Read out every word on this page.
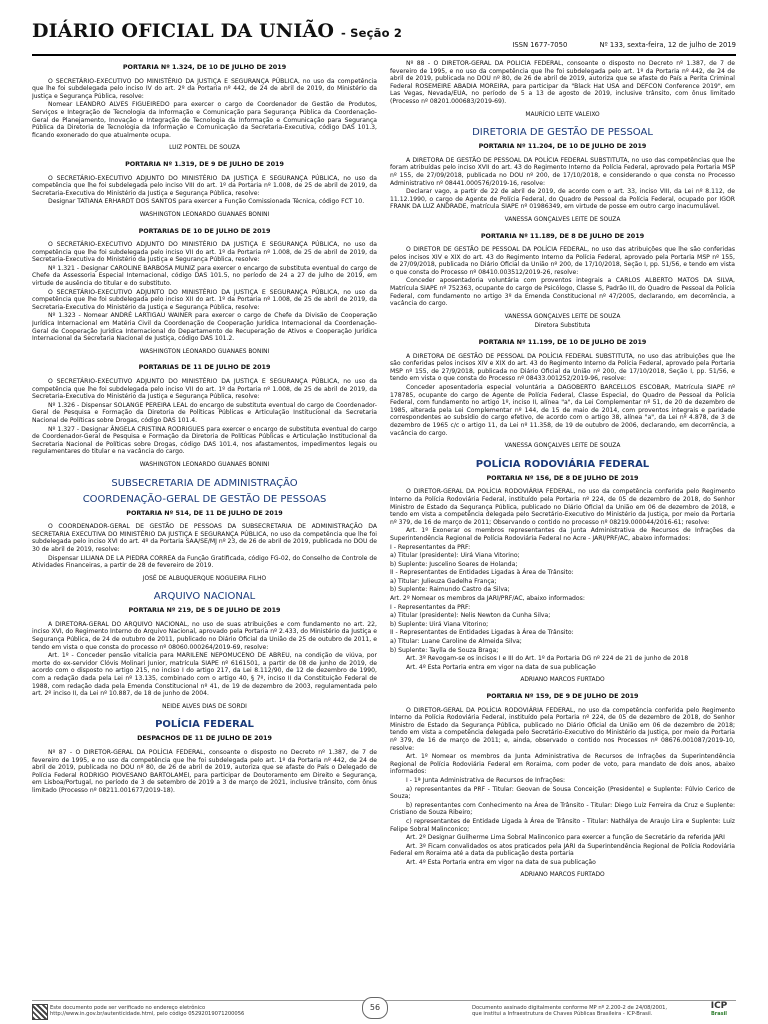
DIÁRIO OFICIAL DA UNIÃO - Seção 2
ISSN 1677-7050	Nº 133, sexta-feira, 12 de julho de 2019
PORTARIA Nº 1.324, DE 10 DE JULHO DE 2019
O SECRETÁRIO-EXECUTIVO DO MINISTÉRIO DA JUSTIÇA E SEGURANÇA PÚBLICA, no uso da competência que lhe foi subdelegada pelo inciso IV do art. 2º da Portaria nº 442, de 24 de abril de 2019, do Ministério da Justiça e Segurança Pública, resolve:
Nomear LEANDRO ALVES FIGUEIREDO para exercer o cargo de Coordenador de Gestão de Produtos, Serviços e Integração de Tecnologia da Informação e Comunicação para Segurança Pública da Coordenação-Geral de Planejamento, Inovação e Integração de Tecnologia da Informação e Comunicação para Segurança Pública da Diretoria de Tecnologia da Informação e Comunicação da Secretaria-Executiva, código DAS 101.3, ficando exonerado do que atualmente ocupa.
LUIZ PONTEL DE SOUZA
PORTARIA Nº 1.319, DE 9 DE JULHO DE 2019
O SECRETÁRIO-EXECUTIVO ADJUNTO DO MINISTÉRIO DA JUSTIÇA E SEGURANÇA PÚBLICA, no uso da competência que lhe foi subdelegada pelo inciso VIII do art. 1º da Portaria nº 1.008, de 25 de abril de 2019, da Secretaria-Executiva do Ministério da Justiça e Segurança Pública, resolve:
Designar TATIANA ERHARDT DOS SANTOS para exercer a Função Comissionada Técnica, código FCT 10.
WASHINGTON LEONARDO GUANAES BONINI
PORTARIAS DE 10 DE JULHO DE 2019
O SECRETÁRIO-EXECUTIVO ADJUNTO DO MINISTÉRIO DA JUSTIÇA E SEGURANÇA PÚBLICA, no uso da competência que lhe foi subdelegada pelo inciso VII do art. 1º da Portaria nº 1.008, de 25 de abril de 2019, da Secretaria-Executiva do Ministério da Justiça e Segurança Pública, resolve:
Nº 1.321 - Designar CAROLINE BARBOSA MUNIZ para exercer o encargo de substituta eventual do cargo de Chefe da Assessoria Especial Internacional, código DAS 101.5, no período de 24 a 27 de julho de 2019, em virtude de ausência do titular e do substituto.
O SECRETÁRIO-EXECUTIVO ADJUNTO DO MINISTÉRIO DA JUSTIÇA E SEGURANÇA PÚBLICA, no uso da competência que lhe foi subdelegada pelo inciso XII do art. 1º da Portaria nº 1.008, de 25 de abril de 2019, da Secretaria-Executiva do Ministério da Justiça e Segurança Pública, resolve:
Nº 1.323 - Nomear ANDRÉ LARTIGAU WAINER para exercer o cargo de Chefe da Divisão de Cooperação Jurídica Internacional em Matéria Civil da Coordenação de Cooperação Jurídica Internacional da Coordenação-Geral de Cooperação Jurídica Internacional do Departamento de Recuperação de Ativos e Cooperação Jurídica Internacional da Secretaria Nacional de Justiça, código DAS 101.2.
WASHINGTON LEONARDO GUANAES BONINI
PORTARIAS DE 11 DE JULHO DE 2019
O SECRETÁRIO-EXECUTIVO ADJUNTO DO MINISTÉRIO DA JUSTIÇA E SEGURANÇA PÚBLICA, no uso da competência que lhe foi subdelegada pelo inciso VII do art. 1º da Portaria nº 1.008, de 25 de abril de 2019, da Secretaria-Executiva do Ministério da Justiça e Segurança Pública, resolve:
Nº 1.326 - Dispensar SOLANGE PEREIRA LEAL do encargo de substituta eventual do cargo de Coordenador-Geral de Pesquisa e Formação da Diretoria de Políticas Públicas e Articulação Institucional da Secretaria Nacional de Políticas sobre Drogas, código DAS 101.4.
Nº 1.327 - Designar ÂNGELA CRISTINA RODRIGUES para exercer o encargo de substituta eventual do cargo de Coordenador-Geral de Pesquisa e Formação da Diretoria de Políticas Públicas e Articulação Institucional da Secretaria Nacional de Políticas sobre Drogas, código DAS 101.4, nos afastamentos, impedimentos legais ou regulamentares do titular e na vacância do cargo.
WASHINGTON LEONARDO GUANAES BONINI
SUBSECRETARIA DE ADMINISTRAÇÃO
COORDENAÇÃO-GERAL DE GESTÃO DE PESSOAS
PORTARIA Nº 514, DE 11 DE JULHO DE 2019
O COORDENADOR-GERAL DE GESTÃO DE PESSOAS DA SUBSECRETARIA DE ADMINISTRAÇÃO DA SECRETARIA EXECUTIVA DO MINISTÉRIO DA JUSTIÇA E SEGURANÇA PÚBLICA, no uso da competência que lhe foi subdelegada pelo inciso XVI do art. 4º da Portaria SAA/SE/MJ nº 23, de 26 de abril de 2019, publicada no DOU de 30 de abril de 2019, resolve:
Dispensar LILIANA DE LA PIEDRA CORREA da Função Gratificada, código FG-02, do Conselho de Controle de Atividades Financeiras, a partir de 28 de fevereiro de 2019.
JOSÉ DE ALBUQUERQUE NOGUEIRA FILHO
ARQUIVO NACIONAL
PORTARIA Nº 219, DE 5 DE JULHO DE 2019
A DIRETORA-GERAL DO ARQUIVO NACIONAL, no uso de suas atribuições e com fundamento no art. 22, inciso XVI, do Regimento Interno do Arquivo Nacional, aprovado pela Portaria nº 2.433, do Ministério da Justiça e Segurança Pública, de 24 de outubro de 2011, publicado no Diário Oficial da União de 25 de outubro de 2011, e tendo em vista o que consta do processo nº 08060.000264/2019-69, resolve:
Art. 1º - Conceder pensão vitalícia para MARILENE NEPOMUCENO DE ABREU, na condição de viúva, por morte do ex-servidor Clóvis Molinari Junior, matrícula SIAPE nº 6161501, a partir de 08 de junho de 2019, de acordo com o disposto no artigo 215, no inciso I do artigo 217, da Lei 8.112/90, de 12 de dezembro de 1990, com a redação dada pela Lei nº 13.135, combinado com o artigo 40, § 7º, inciso II da Constituição Federal de 1988, com redação dada pela Emenda Constitucional nº 41, de 19 de dezembro de 2003, regulamentada pelo art. 2º inciso II, da Lei nº 10.887, de 18 de junho de 2004.
NEIDE ALVES DIAS DE SORDI
POLÍCIA FEDERAL
DESPACHOS DE 11 DE JULHO DE 2019
Nº 87 - O DIRETOR-GERAL DA POLÍCIA FEDERAL, consoante o disposto no Decreto nº 1.387, de 7 de fevereiro de 1995, e no uso da competência que lhe foi subdelegada pelo art. 1º da Portaria nº 442, de 24 de abril de 2019, publicada no DOU nº 80, de 26 de abril de 2019, autoriza que se afaste do País o Delegado de Polícia Federal RODRIGO PIOVESANO BARTOLAMEI, para participar de Doutoramento em Direito e Segurança, em Lisboa/Portugal, no período de 3 de setembro de 2019 a 3 de março de 2021, inclusive trânsito, com ônus limitado (Processo nº 08211.001677/2019-18).
Nº 88 - O DIRETOR-GERAL DA POLÍCIA FEDERAL, consoante o disposto no Decreto nº 1.387, de 7 de fevereiro de 1995, e no uso da competência que lhe foi subdelegada pelo art. 1º da Portaria nº 442, de 24 de abril de 2019, publicada no DOU nº 80, de 26 de abril de 2019, autoriza que se afaste do País a Perita Criminal Federal ROSEMEIRE ABADIA MOREIRA, para participar da "Black Hat USA and DEFCON Conference 2019", em Las Vegas, Nevada/EUA, no período de 5 a 13 de agosto de 2019, inclusive trânsito, com ônus limitado (Processo nº 08201.000683/2019-69).
MAURÍCIO LEITE VALEIXO
DIRETORIA DE GESTÃO DE PESSOAL
PORTARIA Nº 11.204, DE 10 DE JULHO DE 2019
A DIRETORA DE GESTÃO DE PESSOAL DA POLÍCIA FEDERAL SUBSTITUTA, no uso das competências que lhe foram atribuídas pelo inciso XVII do art. 43 do Regimento Interno da Polícia Federal, aprovado pela Portaria MSP nº 155, de 27/09/2018, publicada no DOU nº 200, de 17/10/2018, e considerando o que consta no Processo Administrativo nº 08441.000576/2019-16, resolve:
Declarar vago, a partir de 22 de abril de 2019, de acordo com o art. 33, inciso VIII, da Lei nº 8.112, de 11.12.1990, o cargo de Agente de Polícia Federal, do Quadro de Pessoal da Polícia Federal, ocupado por IGOR FRANK DA LUZ ANDRADE, matrícula SIAPE nº 01986349, em virtude de posse em outro cargo inacumulável.
VANESSA GONÇALVES LEITE DE SOUZA
PORTARIA Nº 11.189, DE 8 DE JULHO DE 2019
O DIRETOR DE GESTÃO DE PESSOAL DA POLÍCIA FEDERAL, no uso das atribuições que lhe são conferidas pelos incisos XIV e XIX do art. 43 do Regimento Interno da Polícia Federal, aprovado pela Portaria MSP nº 155, de 27/09/2018, publicada no Diário Oficial da União nº 200, de 17/10/2018, Seção I, pp. 51/56, e tendo em vista o que consta do Processo nº 08410.003512/2019-26, resolve:
Conceder aposentadoria voluntária com proventos integrais a CARLOS ALBERTO MATOS DA SILVA, Matrícula SIAPE nº 752363, ocupante do cargo de Psicólogo, Classe S, Padrão III, do Quadro de Pessoal da Polícia Federal, com fundamento no artigo 3º da Emenda Constitucional nº 47/2005, declarando, em decorrência, a vacância do cargo.
VANESSA GONÇALVES LEITE DE SOUZA
Diretora Substituta
PORTARIA Nº 11.199, DE 10 DE JULHO DE 2019
A DIRETORA DE GESTÃO DE PESSOAL DA POLÍCIA FEDERAL SUBSTITUTA, no uso das atribuições que lhe são conferidas pelos incisos XIV e XIX do art. 43 do Regimento Interno da Polícia Federal, aprovado pela Portaria MSP nº 155, de 27/9/2018, publicada no Diário Oficial da União nº 200, de 17/10/2018, Seção I, pp. 51/56, e tendo em vista o que consta do Processo nº 08433.001252/2019-96, resolve:
Conceder aposentadoria especial voluntária a DAGOBERTO BARCELLOS ESCOBAR, Matrícula SIAPE nº 178785, ocupante do cargo de Agente de Polícia Federal, Classe Especial, do Quadro de Pessoal da Polícia Federal, com fundamento no artigo 1º, inciso II, alínea "a", da Lei Complementar nº 51, de 20 de dezembro de 1985, alterada pela Lei Complementar nº 144, de 15 de maio de 2014, com proventos integrais e paridade correspondentes ao subsídio do cargo efetivo, de acordo com o artigo 38, alínea "a", da Lei nº 4.878, de 3 de dezembro de 1965 c/c o artigo 11, da Lei nº 11.358, de 19 de outubro de 2006, declarando, em decorrência, a vacância do cargo.
VANESSA GONÇALVES LEITE DE SOUZA
POLÍCIA RODOVIÁRIA FEDERAL
PORTARIA Nº 156, DE 8 DE JULHO DE 2019
O DIRETOR-GERAL DA POLÍCIA RODOVIÁRIA FEDERAL, no uso da competência conferida pelo Regimento Interno da Polícia Rodoviária Federal, instituído pela Portaria nº 224, de 05 de dezembro de 2018, do Senhor Ministro de Estado da Segurança Pública, publicado no Diário Oficial da União em 06 de dezembro de 2018, e tendo em vista a competência delegada pelo Secretário-Executivo do Ministério da Justiça, por meio da Portaria nº 379, de 16 de março de 2011; Observando o contido no processo nº 08219.000044/2016-61; resolve:
Art. 1º Exonerar os membros representantes da Junta Administrativa de Recursos de Infrações da Superintendência Regional de Polícia Rodoviária Federal no Acre - JARI/PRF/AC, abaixo informados:
I - Representantes da PRF:
a) Titular (presidente): Uirá Viana Vitorino;
b) Suplente: Juscelino Soares de Holanda;
II - Representantes de Entidades Ligadas à Área de Trânsito:
a) Titular: Julieuza Gadelha França;
b) Suplente: Raimundo Castro da Silva;
Art. 2º Nomear os membros da JARI/PRF/AC, abaixo informados:
I - Representantes da PRF:
a) Titular (presidente): Nelis Newton da Cunha Silva;
b) Suplente: Uirá Viana Vitorino;
II - Representantes de Entidades Ligadas à Área de Trânsito:
a) Titular: Luane Caroline de Almeida Silva;
b) Suplente: Taylla de Souza Braga;
Art. 3º Revogam-se os incisos I e III do Art. 1º da Portaria DG nº 224 de 21 de junho de 2018
Art. 4º Esta Portaria entra em vigor na data de sua publicação
ADRIANO MARCOS FURTADO
PORTARIA Nº 159, DE 9 DE JULHO DE 2019
O DIRETOR-GERAL DA POLÍCIA RODOVIÁRIA FEDERAL, no uso da competência conferida pelo Regimento Interno da Polícia Rodoviária Federal, instituído pela Portaria nº 224, de 05 de dezembro de 2018, do Senhor Ministro de Estado da Segurança Pública, publicado no Diário Oficial da União em 06 de dezembro de 2018; tendo em vista a competência delegada pelo Secretário-Executivo do Ministério da Justiça, por meio da Portaria nº 379, de 16 de março de 2011; e, ainda, observado o contido nos Processos nº 08676.001087/2019-10, resolve:
Art. 1º Nomear os membros da Junta Administrativa de Recursos de Infrações da Superintendência Regional de Polícia Rodoviária Federal em Roraima, com poder de voto, para mandato de dois anos, abaixo informados:
I - 1ª Junta Administrativa de Recursos de Infrações:
a) representantes da PRF - Titular: Geovan de Sousa Conceição (Presidente) e Suplente: Fúlvio Cerico de Souza;
b) representantes com Conhecimento na Área de Trânsito - Titular: Diego Luiz Ferreira da Cruz e Suplente: Cristiano de Souza Ribeiro;
c) representantes de Entidade Ligada à Área de Trânsito - Titular: Nathálya de Araujo Lira e Suplente: Luiz Felipe Sobral Malinconico;
Art. 2º Designar Guilherme Lima Sobral Malinconico para exercer a função de Secretário da referida JARI
Art. 3º Ficam convalidados os atos praticados pela JARI da Superintendência Regional de Polícia Rodoviária Federal em Roraima até a data da publicação desta portaria
Art. 4º Esta Portaria entra em vigor na data de sua publicação
ADRIANO MARCOS FURTADO
Este documento pode ser verificado no endereço eletrônico
http://www.in.gov.br/autenticidade.html, pelo código 05292019071200056
56	Documento assinado digitalmente conforme MP nº 2.200-2 de 24/08/2001,
que institui a Infraestrutura de Chaves Públicas Brasileira - ICP-Brasil.
ICP
Brasil
